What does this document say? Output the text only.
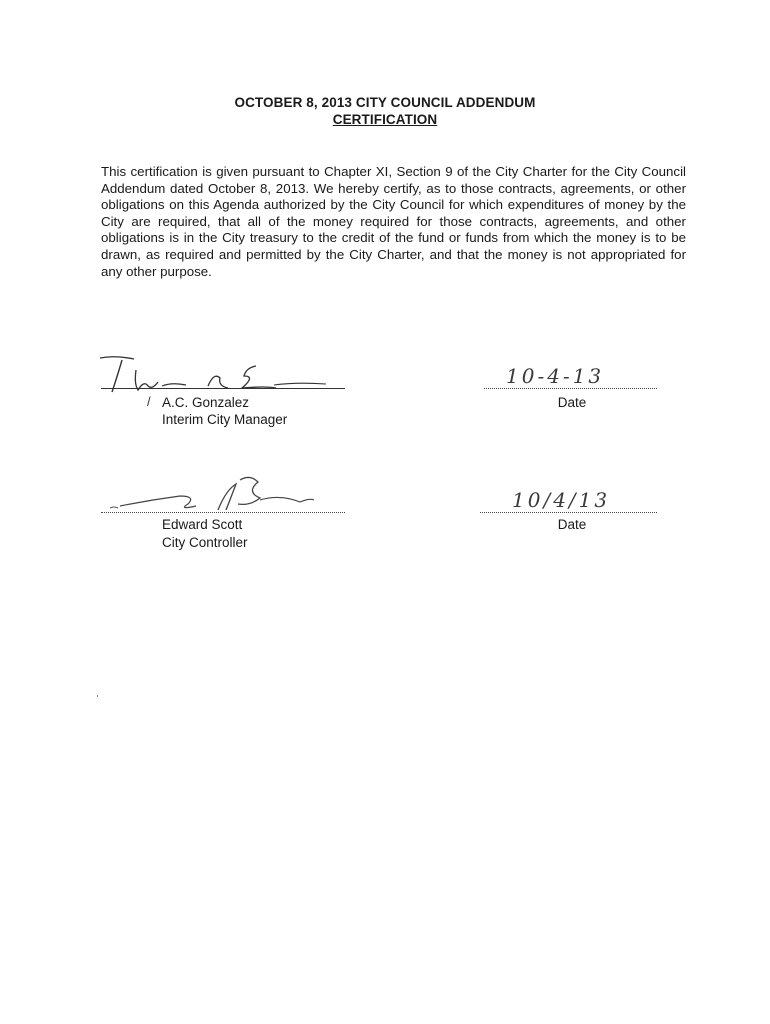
OCTOBER 8, 2013 CITY COUNCIL ADDENDUM
CERTIFICATION
This certification is given pursuant to Chapter XI, Section 9 of the City Charter for the City Council Addendum dated October 8, 2013. We hereby certify, as to those contracts, agreements, or other obligations on this Agenda authorized by the City Council for which expenditures of money by the City are required, that all of the money required for those contracts, agreements, and other obligations is in the City treasury to the credit of the fund or funds from which the money is to be drawn, as required and permitted by the City Charter, and that the money is not appropriated for any other purpose.
/ A.C. Gonzalez
Interim City Manager
10-4-13
Date
Edward Scott
City Controller
10/4/13
Date
